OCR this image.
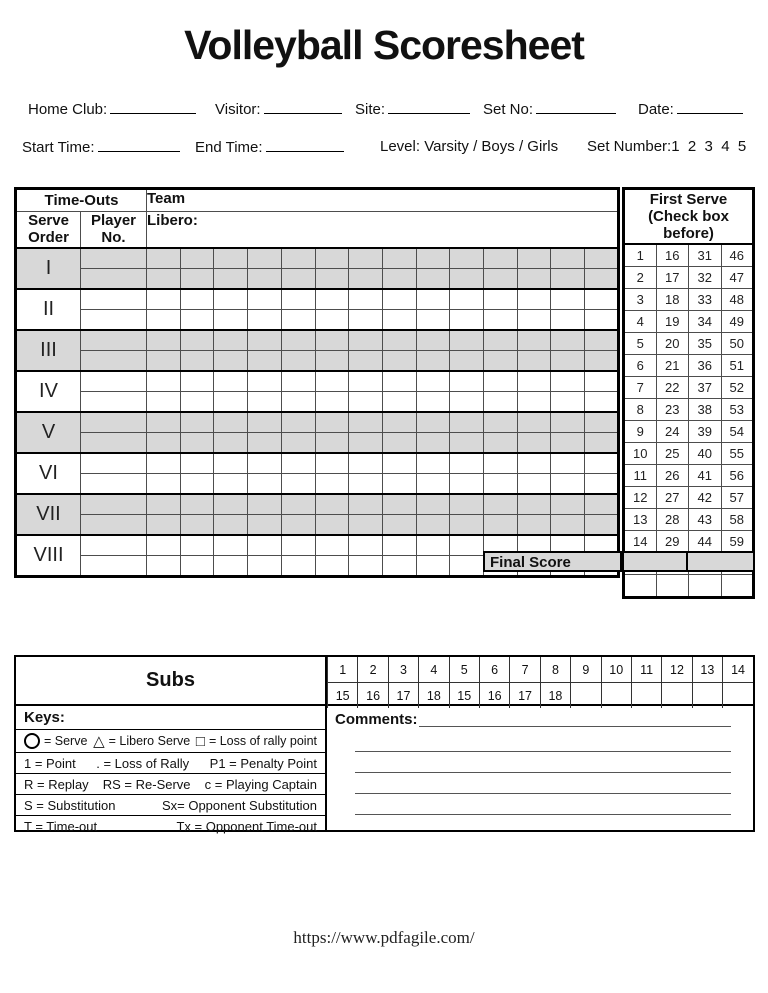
Volleyball Scoresheet
Home Club:	Visitor:	Site:	Set No:	Date:
Start Time:	End Time:	Level: Varsity / Boys / Girls Set Number:1  2  3  4  5
Time-Outs		Team													
Serve Order	Player No.	Libero:													
I															

II															

III															

IV															

V															

VI															

VII															

VIII															

First Serve (Check box before)			
1	16	31	46
2	17	32	47
3	18	33	48
4	19	34	49
5	20	35	50
6	21	36	51
7	22	37	52
8	23	38	53
9	24	39	54
10	25	40	55
11	26	41	56
12	27	42	57
13	28	43	58
14	29	44	59

Final Score
Subs	1	2	3	4	5	6	7	8	9	10	11	12	13	14
15	16	17	18	15	16	17	18						
Keys:
= Serve △ = Libero Serve □ = Loss of rally point
1 = Point . = Loss of Rally P1 = Penalty Point
R = Replay RS = Re-Serve c = Playing Captain
S = Substitution	Sx= Opponent Substitution
T = Time-out	Tx = Opponent Time-out
Comments:
https://www.pdfagile.com/
